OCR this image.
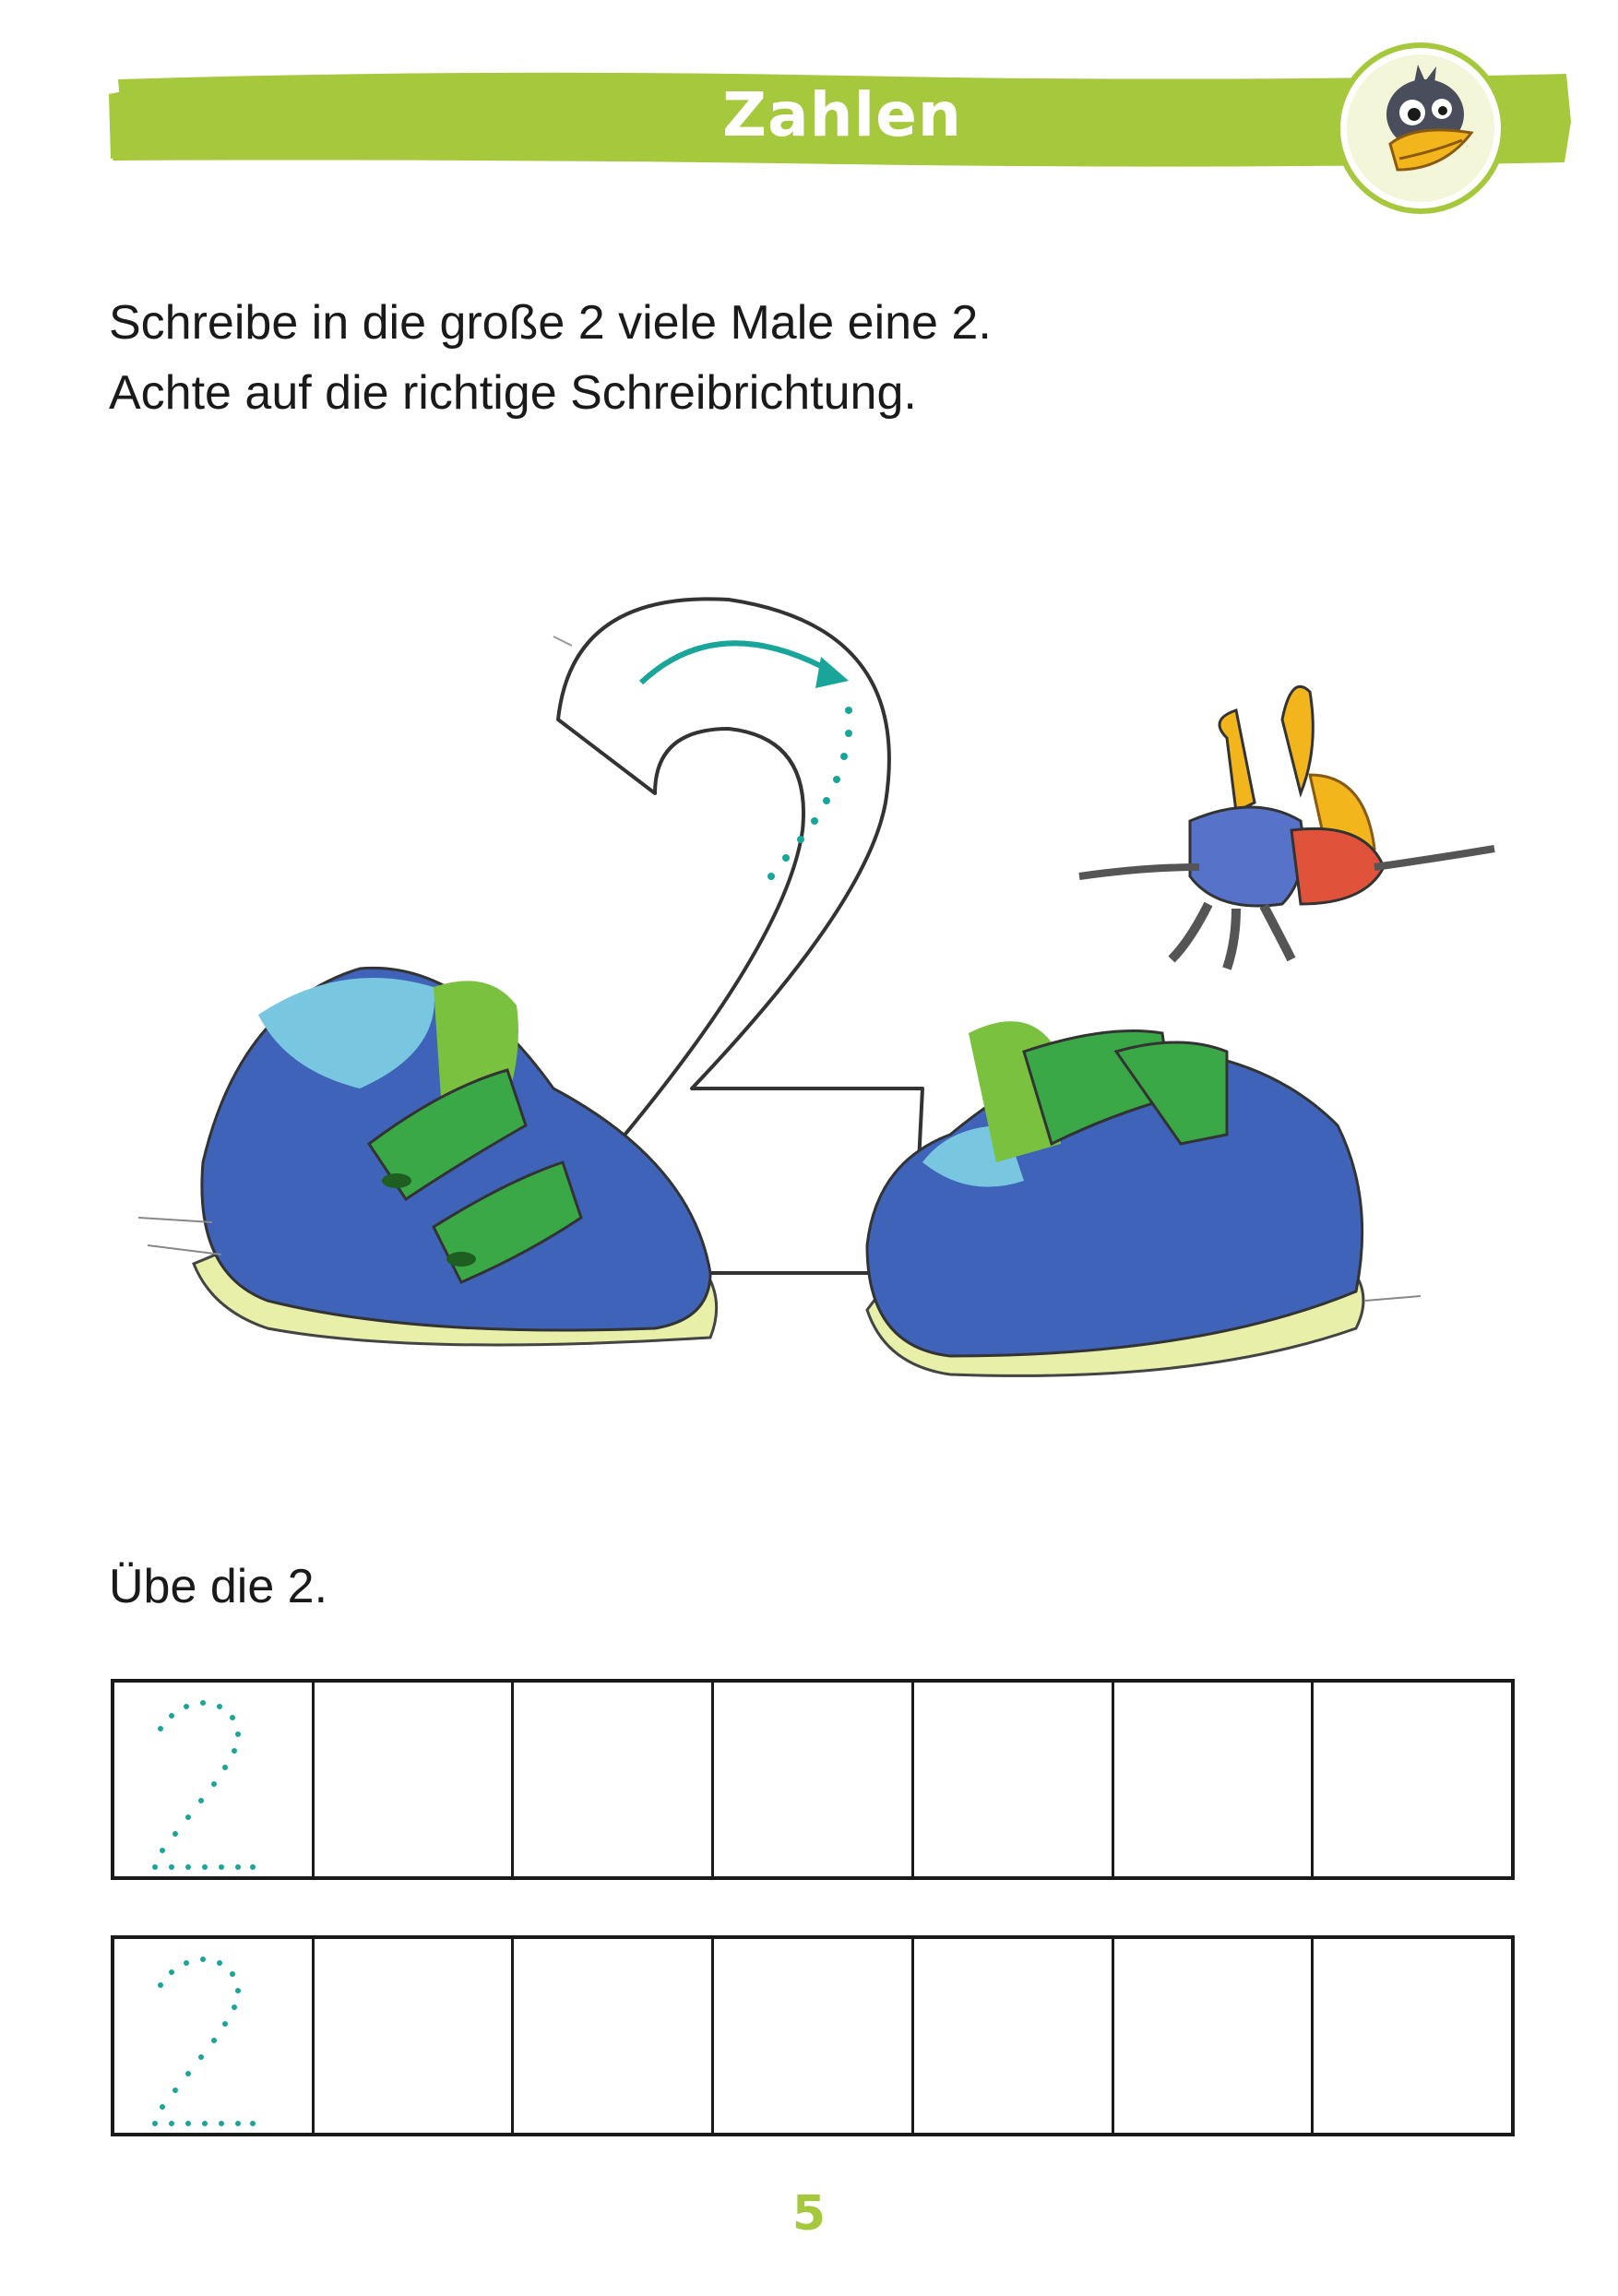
Zahlen
Schreibe in die große 2 viele Male eine 2.
Achte auf die richtige Schreibrichtung.
Übe die 2.
5
